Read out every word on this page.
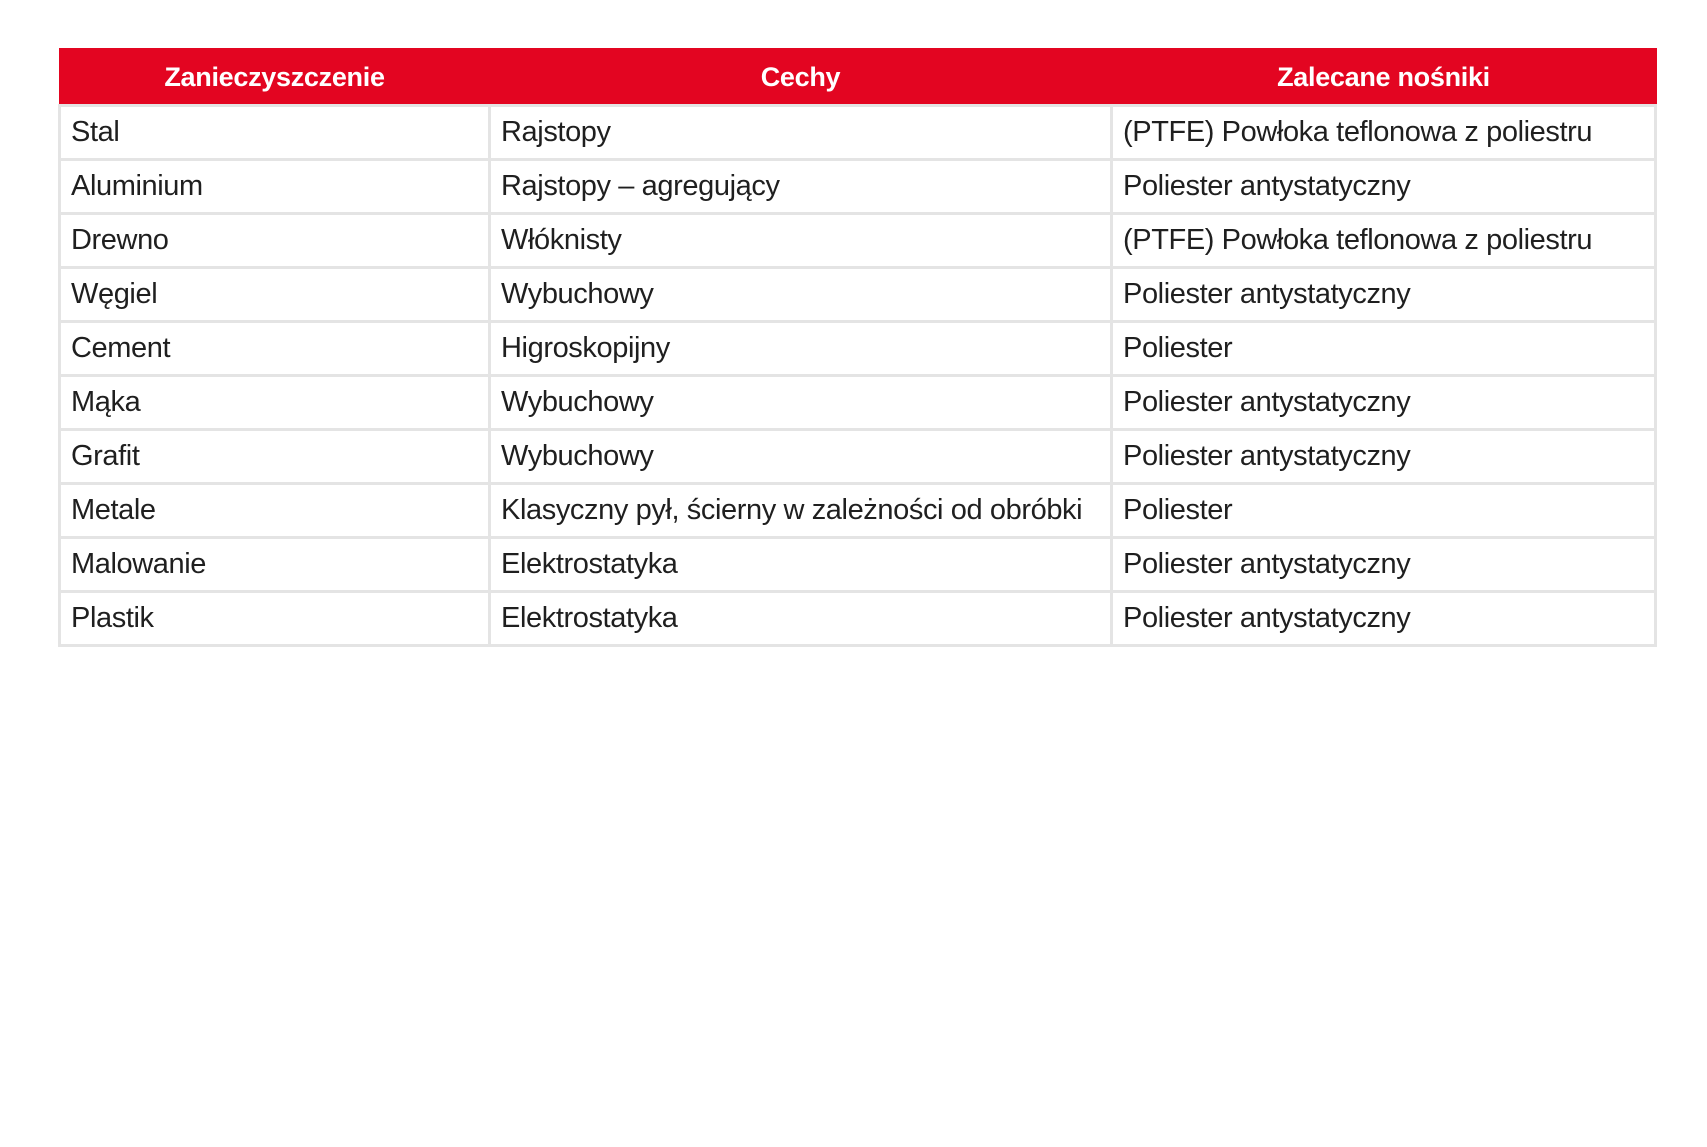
Zanieczyszczenie	Cechy	Zalecane nośniki
Stal	Rajstopy	(PTFE) Powłoka teflonowa z poliestru
Aluminium	Rajstopy – agregujący	Poliester antystatyczny
Drewno	Włóknisty	(PTFE) Powłoka teflonowa z poliestru
Węgiel	Wybuchowy	Poliester antystatyczny
Cement	Higroskopijny	Poliester
Mąka	Wybuchowy	Poliester antystatyczny
Grafit	Wybuchowy	Poliester antystatyczny
Metale	Klasyczny pył, ścierny w zależności od obróbki	Poliester
Malowanie	Elektrostatyka	Poliester antystatyczny
Plastik	Elektrostatyka	Poliester antystatyczny
